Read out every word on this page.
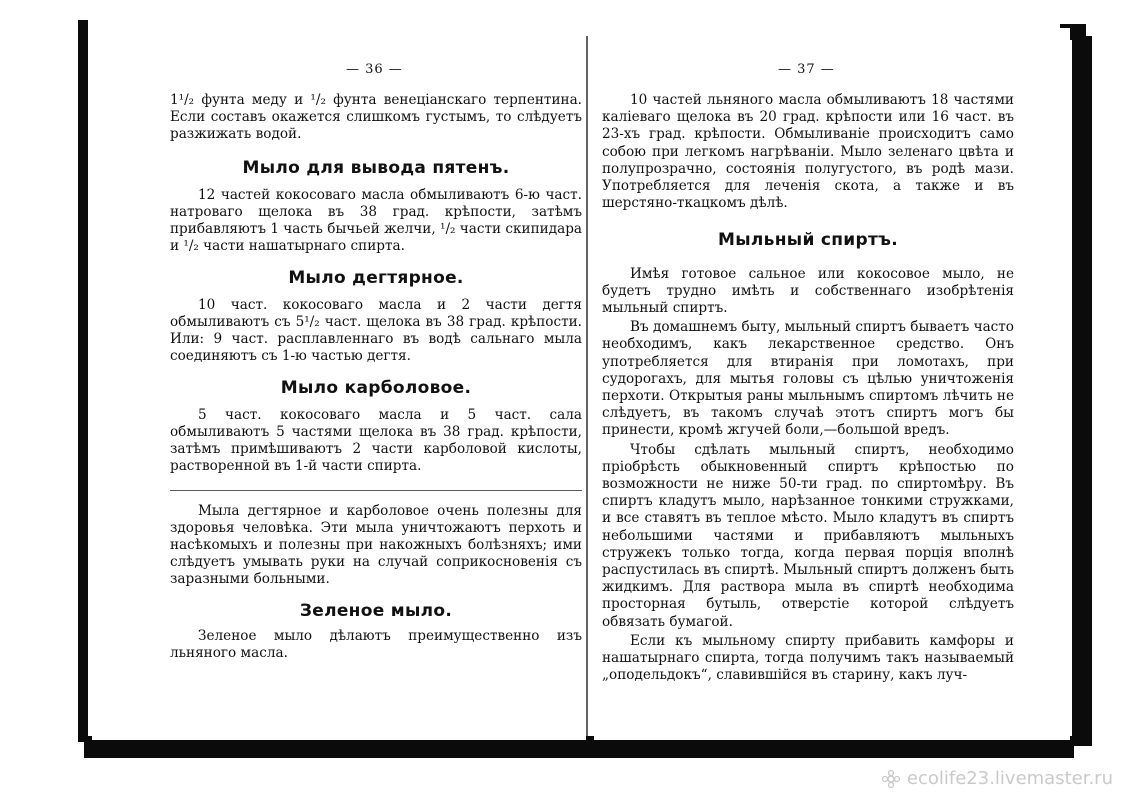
— 36 —

1¹/₂ фунта меду и ¹/₂ фунта венеціанскаго терпентина. Если составъ окажется слишкомъ густымъ, то слѣдуетъ разжижать водой.

Мыло для вывода пятенъ.

12 частей кокосоваго масла обмыливаютъ 6-ю част. натроваго щелока въ 38 град. крѣпости, затѣмъ прибавляютъ 1 часть бычьей желчи, ¹/₂ части скипидара и ¹/₂ части нашатырнаго спирта.

Мыло дегтярное.

10 част. кокосоваго масла и 2 части дегтя обмыливаютъ съ 5¹/₂ част. щелока въ 38 град. крѣпости. Или: 9 част. расплавленнаго въ водѣ сальнаго мыла соединяютъ съ 1-ю частью дегтя.

Мыло карболовое.

5 част. кокосоваго масла и 5 част. сала обмыливаютъ 5 частями щелока въ 38 град. крѣпости, затѣмъ примѣшиваютъ 2 части карболовой кислоты, растворенной въ 1-й части спирта.

Мыла дегтярное и карболовое очень полезны для здоровья человѣка. Эти мыла уничтожаютъ перхоть и насѣкомыхъ и полезны при накожныхъ болѣзняхъ; ими слѣдуетъ умывать руки на случай соприкосновенія съ заразными больными.

Зеленое мыло.

Зеленое мыло дѣлаютъ преимущественно изъ льняного масла.

— 37 —

10 частей льняного масла обмыливаютъ 18 частями каліеваго щелока въ 20 град. крѣпости или 16 част. въ 23-хъ град. крѣпости. Обмыливаніе происходитъ само собою при легкомъ нагрѣваніи. Мыло зеленаго цвѣта и полупрозрачно, состоянія полугустого, въ родѣ мази. Употребляется для леченія скота, а также и въ шерстяно-ткацкомъ дѣлѣ.

Мыльный спиртъ.

Имѣя готовое сальное или кокосовое мыло, не будетъ трудно имѣть и собственнаго изобрѣтенія мыльный спиртъ.

Въ домашнемъ быту, мыльный спиртъ бываетъ часто необходимъ, какъ лекарственное средство. Онъ употребляется для втиранія при ломотахъ, при судорогахъ, для мытья головы съ цѣлью уничтоженія перхоти. Открытыя раны мыльнымъ спиртомъ лѣчить не слѣдуетъ, въ такомъ случаѣ этотъ спиртъ могъ бы принести, кромѣ жгучей боли,—большой вредъ.

Чтобы сдѣлать мыльный спиртъ, необходимо пріобрѣсть обыкновенный спиртъ крѣпостью по возможности не ниже 50-ти град. по спиртомѣру. Въ спиртъ кладутъ мыло, нарѣзанное тонкими стружками, и все ставятъ въ теплое мѣсто. Мыло кладутъ въ спиртъ небольшими частями и прибавляютъ мыльныхъ стружекъ только тогда, когда первая порція вполнѣ распустилась въ спиртѣ. Мыльный спиртъ долженъ быть жидкимъ. Для раствора мыла въ спиртѣ необходима просторная бутыль, отверстіе которой слѣдуетъ обвязать бумагой.

Если къ мыльному спирту прибавить камфоры и нашатырнаго спирта, тогда получимъ такъ называемый „оподельдокъ“, славившійся въ старину, какъ луч-

ecolife23.livemaster.ru
